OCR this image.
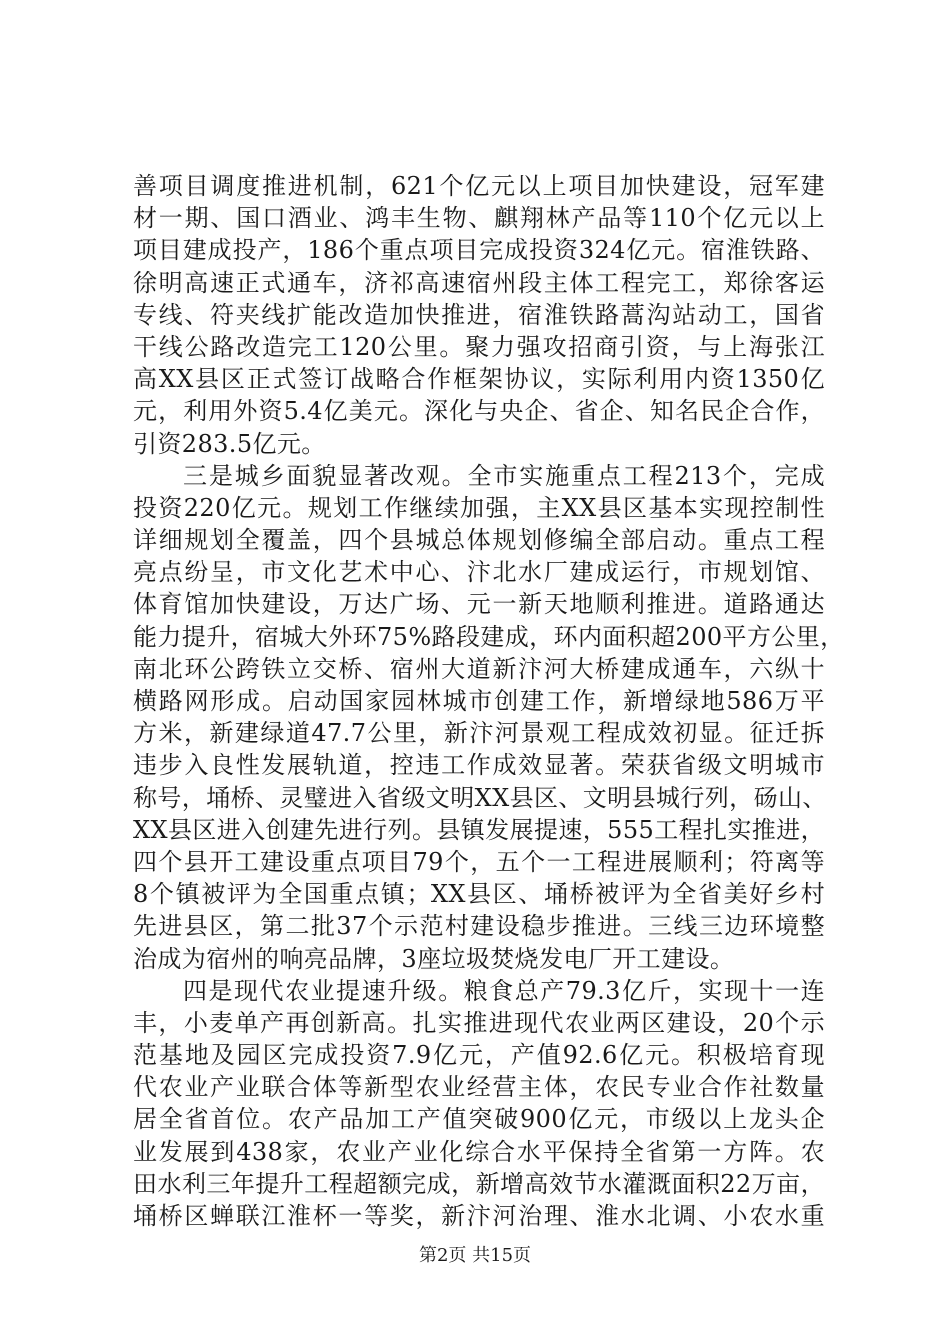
善项目调度推进机制，621个亿元以上项目加快建设，冠军建
材一期、国口酒业、鸿丰生物、麒翔林产品等110个亿元以上
项目建成投产，186个重点项目完成投资324亿元。宿淮铁路、
徐明高速正式通车，济祁高速宿州段主体工程完工，郑徐客运
专线、符夹线扩能改造加快推进，宿淮铁路蒿沟站动工，国省
干线公路改造完工120公里。聚力强攻招商引资，与上海张江
高XX县区正式签订战略合作框架协议，实际利用内资1350亿
元，利用外资5.4亿美元。深化与央企、省企、知名民企合作，
引资283.5亿元。
三是城乡面貌显著改观。全市实施重点工程213个，完成
投资220亿元。规划工作继续加强，主XX县区基本实现控制性
详细规划全覆盖，四个县城总体规划修编全部启动。重点工程
亮点纷呈，市文化艺术中心、汴北水厂建成运行，市规划馆、
体育馆加快建设，万达广场、元一新天地顺利推进。道路通达
能力提升，宿城大外环75%路段建成，环内面积超200平方公里，
南北环公跨铁立交桥、宿州大道新汴河大桥建成通车，六纵十
横路网形成。启动国家园林城市创建工作，新增绿地586万平
方米，新建绿道47.7公里，新汴河景观工程成效初显。征迁拆
违步入良性发展轨道，控违工作成效显著。荣获省级文明城市
称号，埇桥、灵璧进入省级文明XX县区、文明县城行列，砀山、
XX县区进入创建先进行列。县镇发展提速，555工程扎实推进，
四个县开工建设重点项目79个，五个一工程进展顺利；符离等
8个镇被评为全国重点镇；XX县区、埇桥被评为全省美好乡村
先进县区，第二批37个示范村建设稳步推进。三线三边环境整
治成为宿州的响亮品牌，3座垃圾焚烧发电厂开工建设。
四是现代农业提速升级。粮食总产79.3亿斤，实现十一连
丰，小麦单产再创新高。扎实推进现代农业两区建设，20个示
范基地及园区完成投资7.9亿元，产值92.6亿元。积极培育现
代农业产业联合体等新型农业经营主体，农民专业合作社数量
居全省首位。农产品加工产值突破900亿元，市级以上龙头企
业发展到438家，农业产业化综合水平保持全省第一方阵。农
田水利三年提升工程超额完成，新增高效节水灌溉面积22万亩，
埇桥区蝉联江淮杯一等奖，新汴河治理、淮水北调、小农水重
第2页 共15页
